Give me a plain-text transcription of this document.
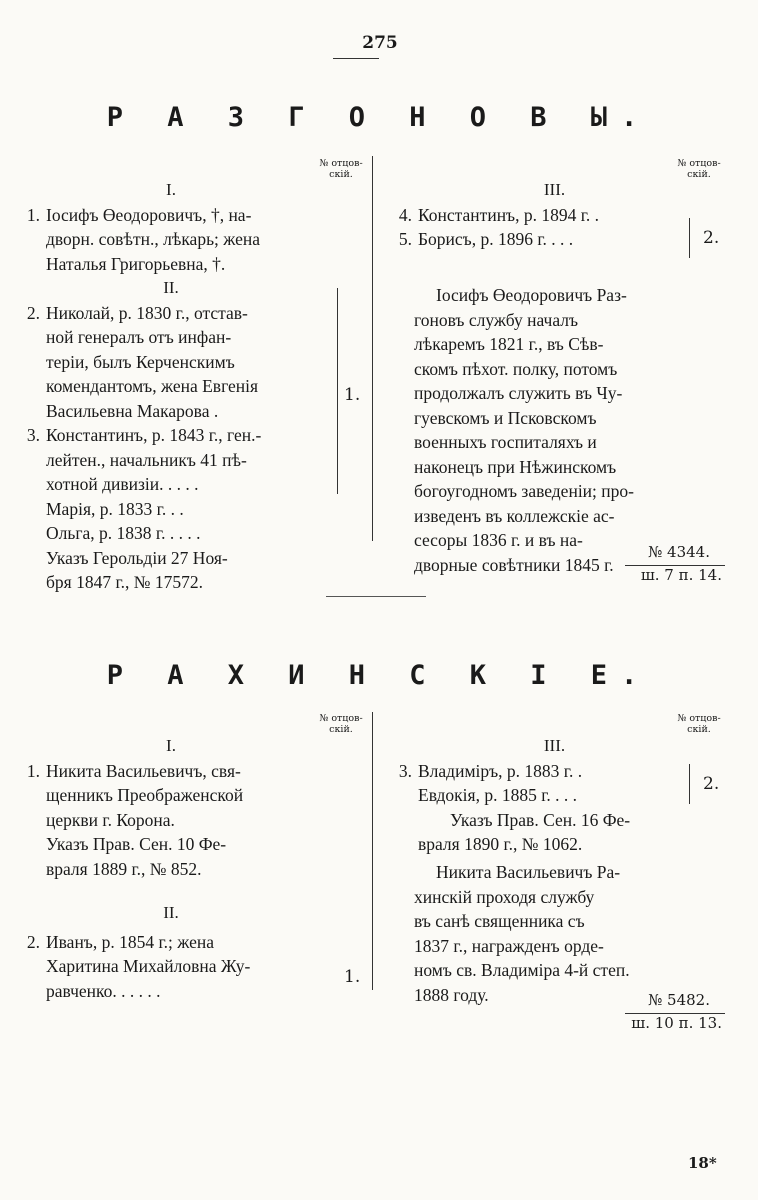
275
Р А З Г О Н О В Ы.
№ отцов-скій.
№ отцов-скій.
I.
1. Іосифъ Өеодоровичъ, †, на-
дворн. совѣтн., лѣкарь; жена
Наталья Григорьевна, †.
II.
2. Николай, р. 1830 г., отстав-
ной генералъ отъ инфан-
теріи, былъ Керченскимъ
комендантомъ, жена Евгенія
Васильевна Макарова .
3. Константинъ, р. 1843 г., ген.-
лейтен., начальникъ 41 пѣ-
хотной дивизіи. . . . .
Марія, р. 1833 г. . .
Ольга, р. 1838 г. . . . .
Указъ Герольдіи 27 Ноя-
бря 1847 г., № 17572.
1.
III.
4. Константинъ, р. 1894 г. .
5. Борисъ, р. 1896 г. . . .	2.
Іосифъ Өеодоровичъ Раз-
гоновъ службу началъ
лѣкаремъ 1821 г., въ Сѣв-
скомъ пѣхот. полку, потомъ
продолжалъ служить въ Чу-
гуевскомъ и Псковскомъ
военныхъ госпиталяхъ и
наконецъ при Нѣжинскомъ
богоугодномъ заведеніи; про-
изведенъ въ коллежскіе ас-
сесоры 1836 г. и въ на-
дворные совѣтники 1845 г.
№ 4344.
ш. 7 п. 14.
Р А Х И Н С К І Е.
№ отцов-скій.
№ отцов-скій.
I.
1. Никита Васильевичъ, свя-
щенникъ Преображенской
церкви г. Корона.
Указъ Прав. Сен. 10 Фе-
враля 1889 г., № 852.
II.
2. Иванъ, р. 1854 г.; жена
Харитина Михайловна Жу-
равченко. . . . . .
1.
III.
3. Владиміръ, р. 1883 г. .
Евдокія, р. 1885 г. . . .
Указъ Прав. Сен. 16 Фе-
враля 1890 г., № 1062.
2.
Никита Васильевичъ Ра-
хинскій проходя службу
въ санѣ священника съ
1837 г., награжденъ орде-
номъ св. Владиміра 4-й степ.
1888 году.	№ 5482.
ш. 10 п. 13.
18*
